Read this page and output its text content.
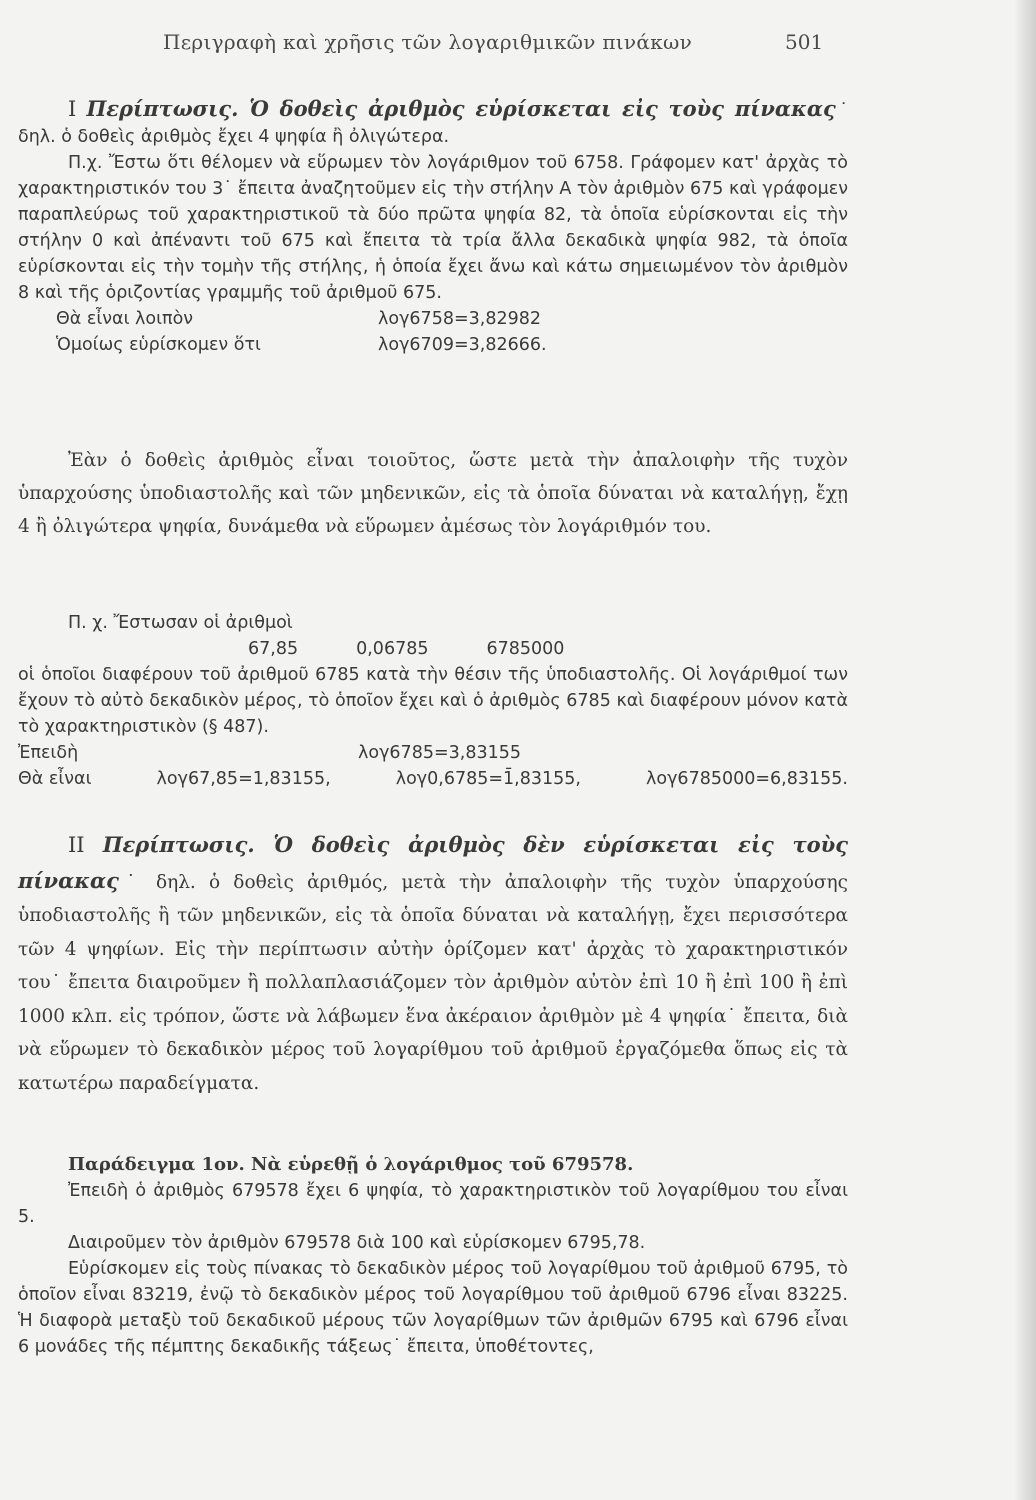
Περιγραφὴ καὶ χρῆσις τῶν λογαριθμικῶν πινάκων	501

I Περίπτωσις. Ὁ δοθεὶς ἀριθμὸς εὑρίσκεται εἰς τοὺς πίνακας˙ δηλ. ὁ δοθεὶς ἀριθμὸς ἔχει 4 ψηφία ἢ ὀλιγώτερα.

Π.χ. Ἔστω ὅτι θέλομεν νὰ εὕρωμεν τὸν λογάριθμον τοῦ 6758. Γράφομεν κατ' ἀρχὰς τὸ χαρακτηριστικόν του 3˙ ἔπειτα ἀναζητοῦμεν εἰς τὴν στήλην Α τὸν ἀριθμὸν 675 καὶ γράφομεν παραπλεύρως τοῦ χαρακτηριστικοῦ τὰ δύο πρῶτα ψηφία 82, τὰ ὁποῖα εὑρίσκονται εἰς τὴν στήλην 0 καὶ ἀπέναντι τοῦ 675 καὶ ἔπειτα τὰ τρία ἄλλα δεκαδικὰ ψηφία 982, τὰ ὁποῖα εὑρίσκονται εἰς τὴν τομὴν τῆς στήλης, ἡ ὁποία ἔχει ἄνω καὶ κάτω σημειωμένον τὸν ἀριθμὸν 8 καὶ τῆς ὁριζοντίας γραμμῆς τοῦ ἀριθμοῦ 675.

Θὰ εἶναι λοιπὸν	λογ6758=3,82982
Ὁμοίως εὑρίσκομεν ὅτι	λογ6709=3,82666.

Ἐὰν ὁ δοθεὶς ἀριθμὸς εἶναι τοιοῦτος, ὥστε μετὰ τὴν ἀπαλοιφὴν τῆς τυχὸν ὑπαρχούσης ὑποδιαστολῆς καὶ τῶν μηδενικῶν, εἰς τὰ ὁποῖα δύναται νὰ καταλήγῃ, ἔχῃ 4 ἢ ὀλιγώτερα ψηφία, δυνάμεθα νὰ εὕρωμεν ἀμέσως τὸν λογάριθμόν του.

Π. χ. Ἔστωσαν οἱ ἀριθμοὶ

67,85	0,06785	6785000

οἱ ὁποῖοι διαφέρουν τοῦ ἀριθμοῦ 6785 κατὰ τὴν θέσιν τῆς ὑποδιαστολῆς. Οἱ λογάριθμοί των ἔχουν τὸ αὐτὸ δεκαδικὸν μέρος, τὸ ὁποῖον ἔχει καὶ ὁ ἀριθμὸς 6785 καὶ διαφέρουν μόνον κατὰ τὸ χαρακτηριστικὸν (§ 487).

Ἐπειδὴ	λογ6785=3,83155
Θὰ εἶναι	λογ67,85=1,83155,	λογ0,6785=1̄,83155,	λογ6785000=6,83155.

II Περίπτωσις. Ὁ δοθεὶς ἀριθμὸς δὲν εὑρίσκεται εἰς τοὺς πίνακας˙ δηλ. ὁ δοθεὶς ἀριθμός, μετὰ τὴν ἀπαλοιφὴν τῆς τυχὸν ὑπαρχούσης ὑποδιαστολῆς ἢ τῶν μηδενικῶν, εἰς τὰ ὁποῖα δύναται νὰ καταλήγῃ, ἔχει περισσότερα τῶν 4 ψηφίων. Εἰς τὴν περίπτωσιν αὐτὴν ὁρίζομεν κατ' ἀρχὰς τὸ χαρακτηριστικόν του˙ ἔπειτα διαιροῦμεν ἢ πολλαπλασιάζομεν τὸν ἀριθμὸν αὐτὸν ἐπὶ 10 ἢ ἐπὶ 100 ἢ ἐπὶ 1000 κλπ. εἰς τρόπον, ὥστε νὰ λάβωμεν ἕνα ἀκέραιον ἀριθμὸν μὲ 4 ψηφία˙ ἔπειτα, διὰ νὰ εὕρωμεν τὸ δεκαδικὸν μέρος τοῦ λογαρίθμου τοῦ ἀριθμοῦ ἐργαζόμεθα ὅπως εἰς τὰ κατωτέρω παραδείγματα.

Παράδειγμα 1ον. Νὰ εὑρεθῇ ὁ λογάριθμος τοῦ 679578.

Ἐπειδὴ ὁ ἀριθμὸς 679578 ἔχει 6 ψηφία, τὸ χαρακτηριστικὸν τοῦ λογαρίθμου του εἶναι 5.

Διαιροῦμεν τὸν ἀριθμὸν 679578 διὰ 100 καὶ εὑρίσκομεν 6795,78.

Εὑρίσκομεν εἰς τοὺς πίνακας τὸ δεκαδικὸν μέρος τοῦ λογαρίθμου τοῦ ἀριθμοῦ 6795, τὸ ὁποῖον εἶναι 83219, ἐνῷ τὸ δεκαδικὸν μέρος τοῦ λογαρίθμου τοῦ ἀριθμοῦ 6796 εἶναι 83225. Ἡ διαφορὰ μεταξὺ τοῦ δεκαδικοῦ μέρους τῶν λογαρίθμων τῶν ἀριθμῶν 6795 καὶ 6796 εἶναι 6 μονάδες τῆς πέμπτης δεκαδικῆς τάξεως˙ ἔπειτα, ὑποθέτοντες,
